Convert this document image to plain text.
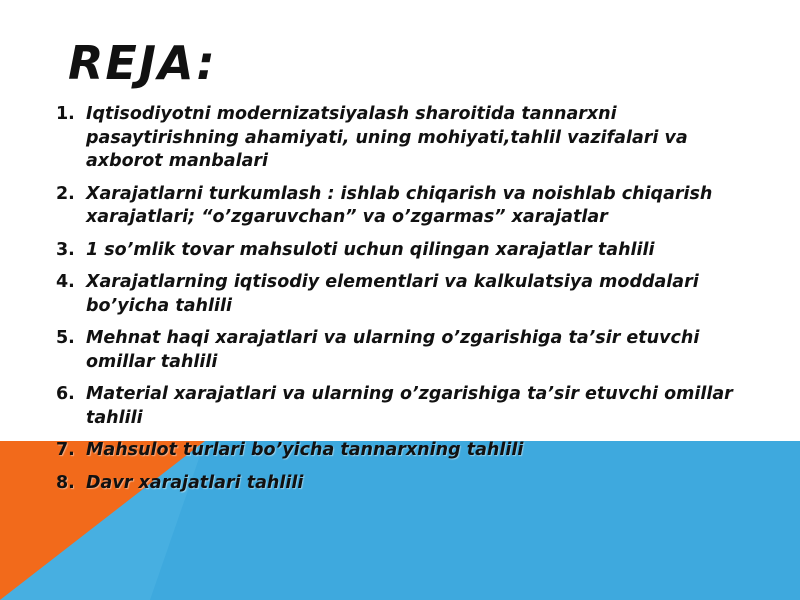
REJA:
1. Iqtisodiyotni modernizatsiyalash sharoitida tannarxni pasaytirishning ahamiyati, uning mohiyati,tahlil vazifalari va axborot manbalari
2. Xarajatlarni turkumlash : ishlab chiqarish va noishlab chiqarish xarajatlari; “o’zgaruvchan” va o’zgarmas” xarajatlar
3. 1 so’mlik tovar mahsuloti uchun qilingan xarajatlar tahlili
4. Xarajatlarning iqtisodiy elementlari va kalkulatsiya moddalari bo’yicha tahlili
5. Mehnat haqi xarajatlari va ularning o’zgarishiga ta’sir etuvchi omillar tahlili
6. Material xarajatlari va ularning o’zgarishiga ta’sir etuvchi omillar tahlili
7. Mahsulot turlari bo’yicha tannarxning tahlili
8. Davr xarajatlari tahlili
